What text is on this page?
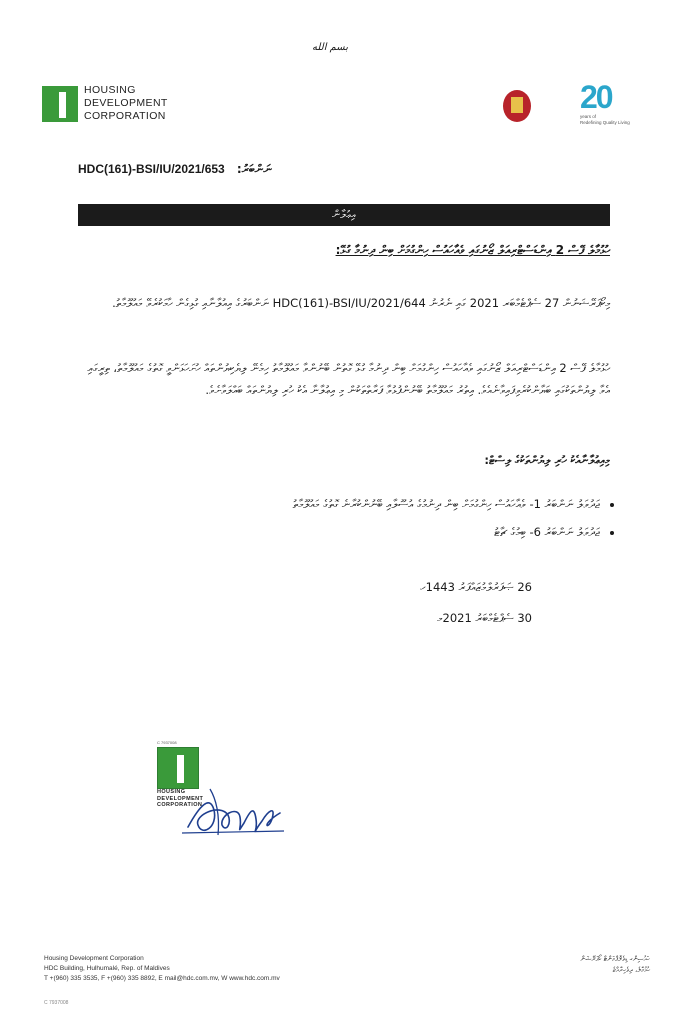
بسم الله
HOUSING
DEVELOPMENT
CORPORATION
20
years of
Redefining Quality Living
HDC(161)-BSI/IU/2021/653 ނަންބަރު:
އިޢުލާން
ހުޅުމާލެ ފޭސް 2 އިންޑަސްޓްރިއަލް ޒޯނުގައި ވެއާހައުސް ހިންގުމަށް ބިން ދިނުމާ ގުޅޭ:
މިކޯޕަރޭޝަނުން 27 ސެޕްޓެމްބަރ 2021 ގައި ނެރުނު HDC(161)-BSI/IU/2021/644 ނަންބަރުގެ އިއުލާނާއި ގުޅިގެން ހާމަކުރެވޭ މައުލޫމާތު.
ހުޅުމާލެ ފޭސް 2 އިންޑަސްޓްރިއަލް ޒޯނުގައި ވެއާހައުސް ހިންގުމަށް ބިން ދިނުމާ ގުޅޭ ގޮތުން ބޭނުންވާ މައުލޫމާތު ހިމެނޭ ލިޔެކިޔުންތައް ހުށަހަޅަންވީ ގޮތުގެ މައުލޫމާތު، ތިރީގައި އެވާ ލިޔުންތަކުގައި ބަޔާންކުރެވިފައިވާނެއެވެ. އިތުރު މައުލޫމާތު ބޭނުންފުޅުވާ ފަރާތްތަކުން މި އިޢުލާނާ އެކު ހުރި ލިޔުންތައް ބައްލަވާށެވެ.
މިއިޢުލާނާއެކު ހުރި ލިޔުންތަކުގެ ލިސްޓް:
• ޖަދުވަލު ނަންބަރު 1- ވެއާހައުސް ހިންގުމަށް ބިން ދިނުމުގެ އުސޫލާއި ބޭނުންކުރާނެ ގޮތުގެ މައުލޫމާތު
• ޖަދުވަލު ނަންބަރު 6- ބިމުގެ ޗާޓު
26 ޞަފަރުލްމުޒައްފަރު 1443ހ
30 ސެޕްޓެމްބަރު 2021މ
C 7937008
HOUSING
DEVELOPMENT
CORPORATION
Housing Development Corporation
HDC Building, Hulhumalé, Rep. of Maldives
T +(960) 335 3535, F +(960) 335 8892, E mail@hdc.com.mv, W www.hdc.com.mv
ހައުސިންގ ޑިވެލޮޕްމަންޓް ކޯޕަރޭޝަން
ހުޅުމާލެ، ދިވެހިރާއްޖެ
C 7937008
